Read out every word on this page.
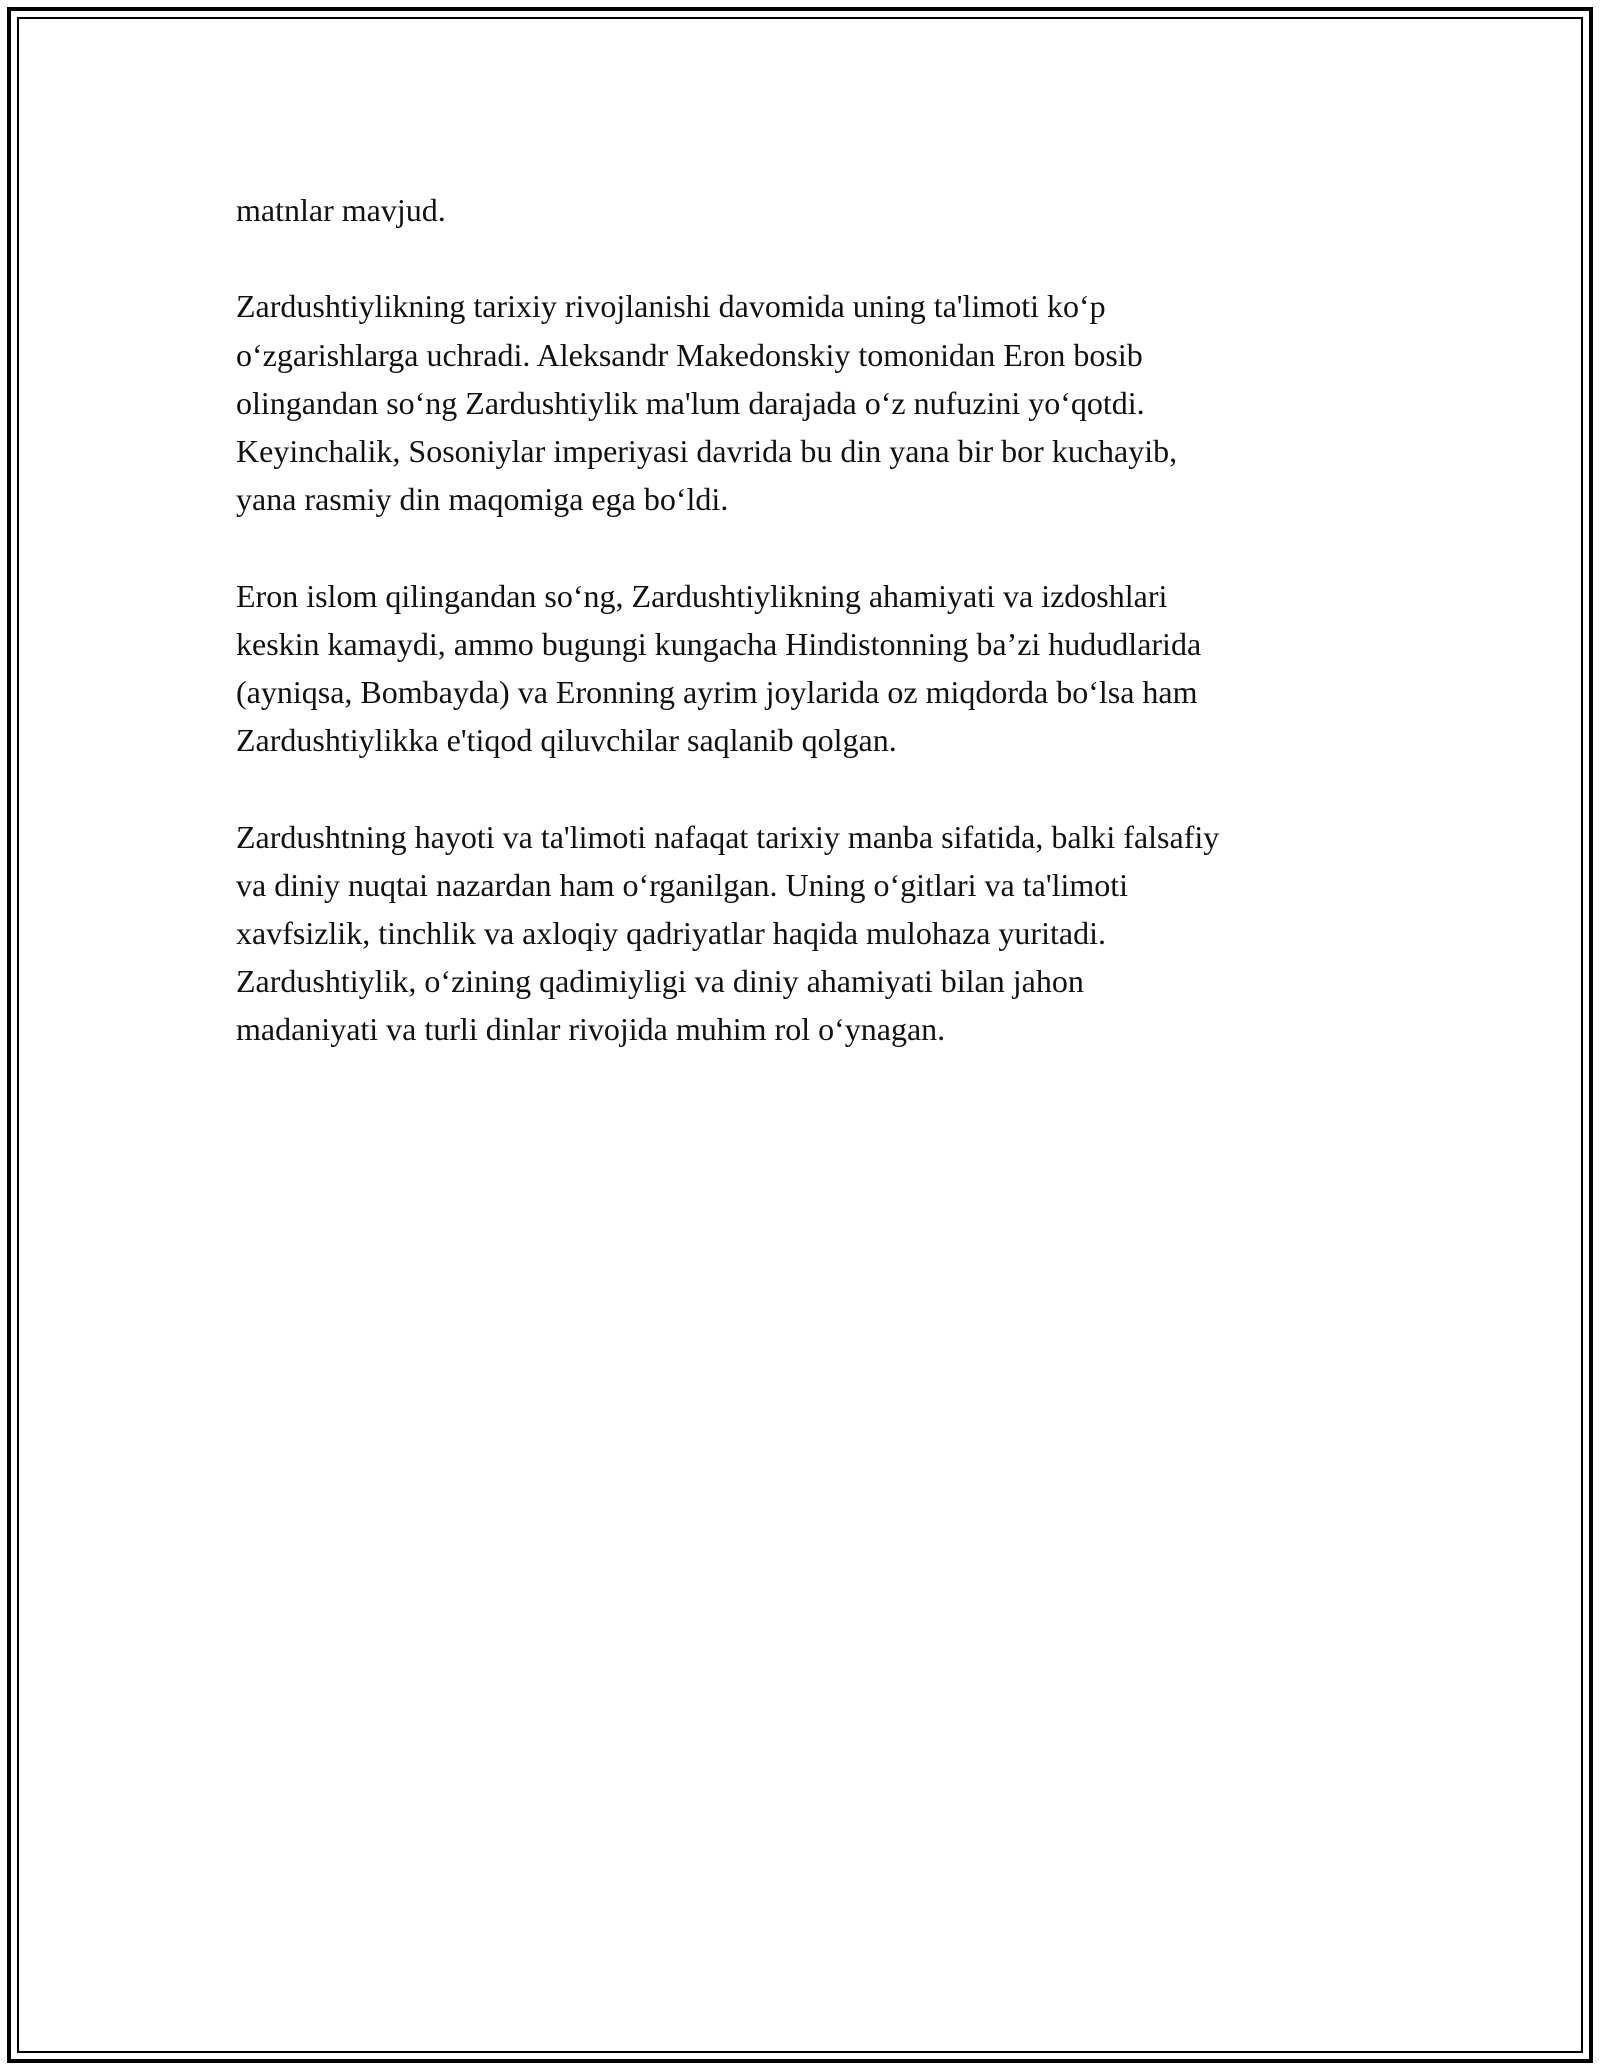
matnlar mavjud.

Zardushtiylikning tarixiy rivojlanishi davomida uning ta'limoti ko‘p
o‘zgarishlarga uchradi. Aleksandr Makedonskiy tomonidan Eron bosib
olingandan so‘ng Zardushtiylik ma'lum darajada o‘z nufuzini yo‘qotdi.
Keyinchalik, Sosoniylar imperiyasi davrida bu din yana bir bor kuchayib,
yana rasmiy din maqomiga ega bo‘ldi.

Eron islom qilingandan so‘ng, Zardushtiylikning ahamiyati va izdoshlari
keskin kamaydi, ammo bugungi kungacha Hindistonning ba’zi hududlarida
(ayniqsa, Bombayda) va Eronning ayrim joylarida oz miqdorda bo‘lsa ham
Zardushtiylikka e'tiqod qiluvchilar saqlanib qolgan.

Zardushtning hayoti va ta'limoti nafaqat tarixiy manba sifatida, balki falsafiy
va diniy nuqtai nazardan ham o‘rganilgan. Uning o‘gitlari va ta'limoti
xavfsizlik, tinchlik va axloqiy qadriyatlar haqida mulohaza yuritadi.
Zardushtiylik, o‘zining qadimiyligi va diniy ahamiyati bilan jahon
madaniyati va turli dinlar rivojida muhim rol o‘ynagan.
